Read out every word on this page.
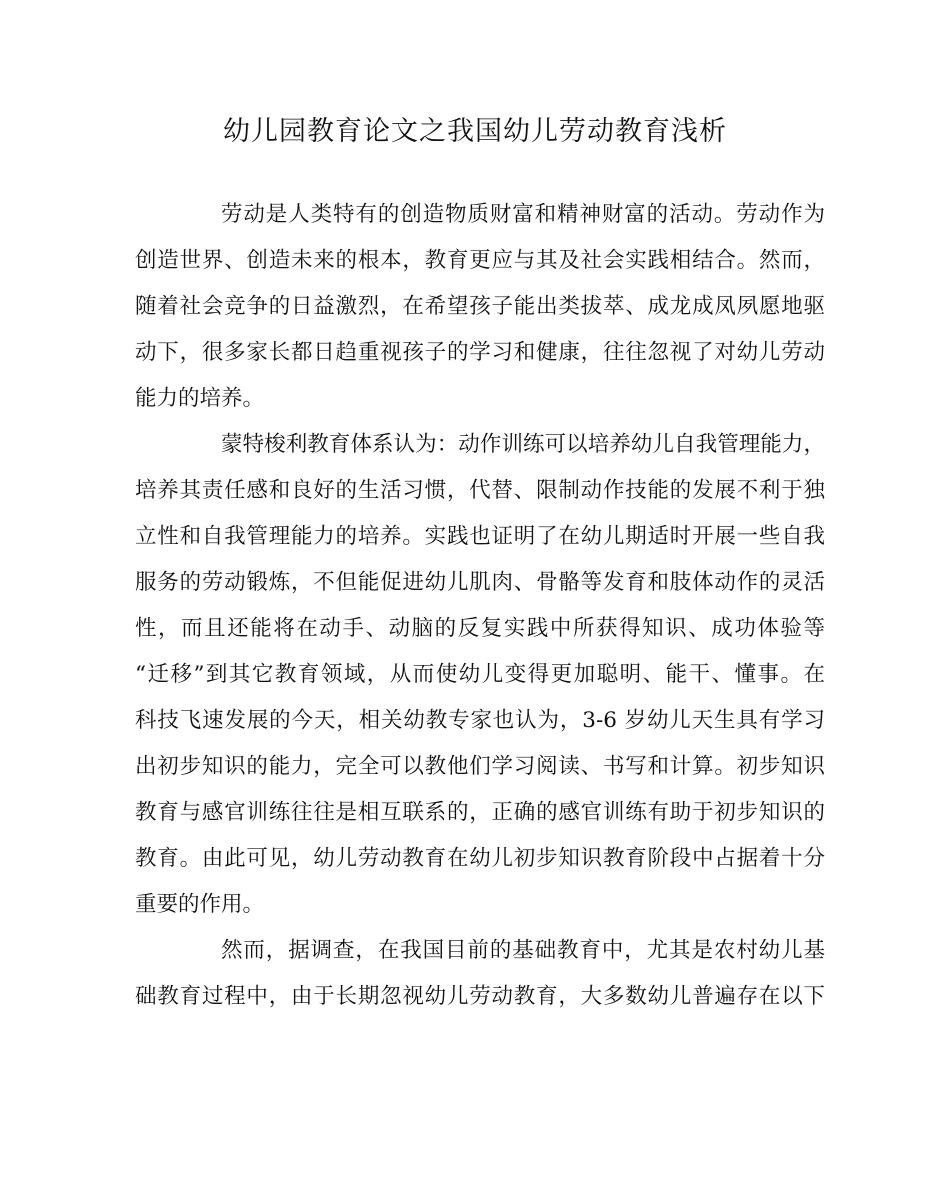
幼儿园教育论文之我国幼儿劳动教育浅析

劳动是人类特有的创造物质财富和精神财富的活动。劳动作为
创造世界、创造未来的根本，教育更应与其及社会实践相结合。然而，
随着社会竞争的日益激烈，在希望孩子能出类拔萃、成龙成凤夙愿地驱
动下，很多家长都日趋重视孩子的学习和健康，往往忽视了对幼儿劳动
能力的培养。

蒙特梭利教育体系认为：动作训练可以培养幼儿自我管理能力，
培养其责任感和良好的生活习惯，代替、限制动作技能的发展不利于独
立性和自我管理能力的培养。实践也证明了在幼儿期适时开展一些自我
服务的劳动锻炼，不但能促进幼儿肌肉、骨骼等发育和肢体动作的灵活
性，而且还能将在动手、动脑的反复实践中所获得知识、成功体验等
“迁移”到其它教育领域，从而使幼儿变得更加聪明、能干、懂事。在
科技飞速发展的今天，相关幼教专家也认为，3-6 岁幼儿天生具有学习
出初步知识的能力，完全可以教他们学习阅读、书写和计算。初步知识
教育与感官训练往往是相互联系的，正确的感官训练有助于初步知识的
教育。由此可见，幼儿劳动教育在幼儿初步知识教育阶段中占据着十分
重要的作用。

然而，据调查，在我国目前的基础教育中，尤其是农村幼儿基
础教育过程中，由于长期忽视幼儿劳动教育，大多数幼儿普遍存在以下
